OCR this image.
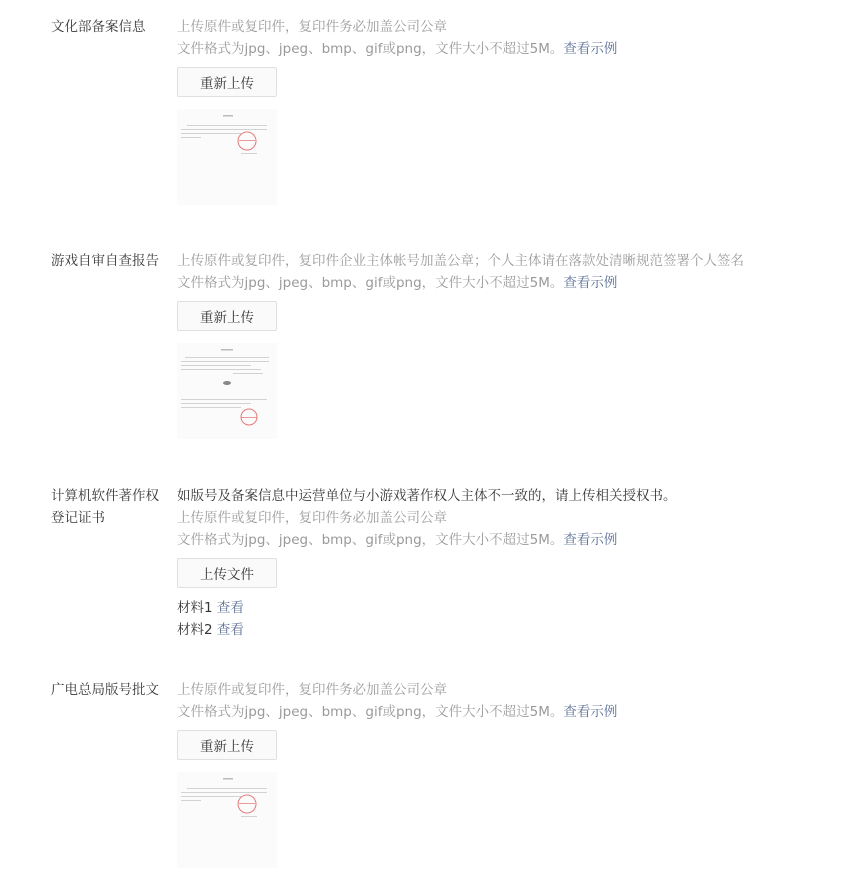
文化部备案信息	上传原件或复印件，复印件务必加盖公司公章
文件格式为jpg、jpeg、bmp、gif或png，文件大小不超过5M。查看示例
重新上传
游戏自审自查报告	上传原件或复印件，复印件企业主体帐号加盖公章；个人主体请在落款处清晰规范签署个人签名
文件格式为jpg、jpeg、bmp、gif或png，文件大小不超过5M。查看示例
重新上传
计算机软件著作权
登记证书
如版号及备案信息中运营单位与小游戏著作权人主体不一致的，请上传相关授权书。
上传原件或复印件，复印件务必加盖公司公章
文件格式为jpg、jpeg、bmp、gif或png，文件大小不超过5M。查看示例
上传文件
材料1 查看
材料2 查看
广电总局版号批文	上传原件或复印件，复印件务必加盖公司公章
文件格式为jpg、jpeg、bmp、gif或png，文件大小不超过5M。查看示例
重新上传
